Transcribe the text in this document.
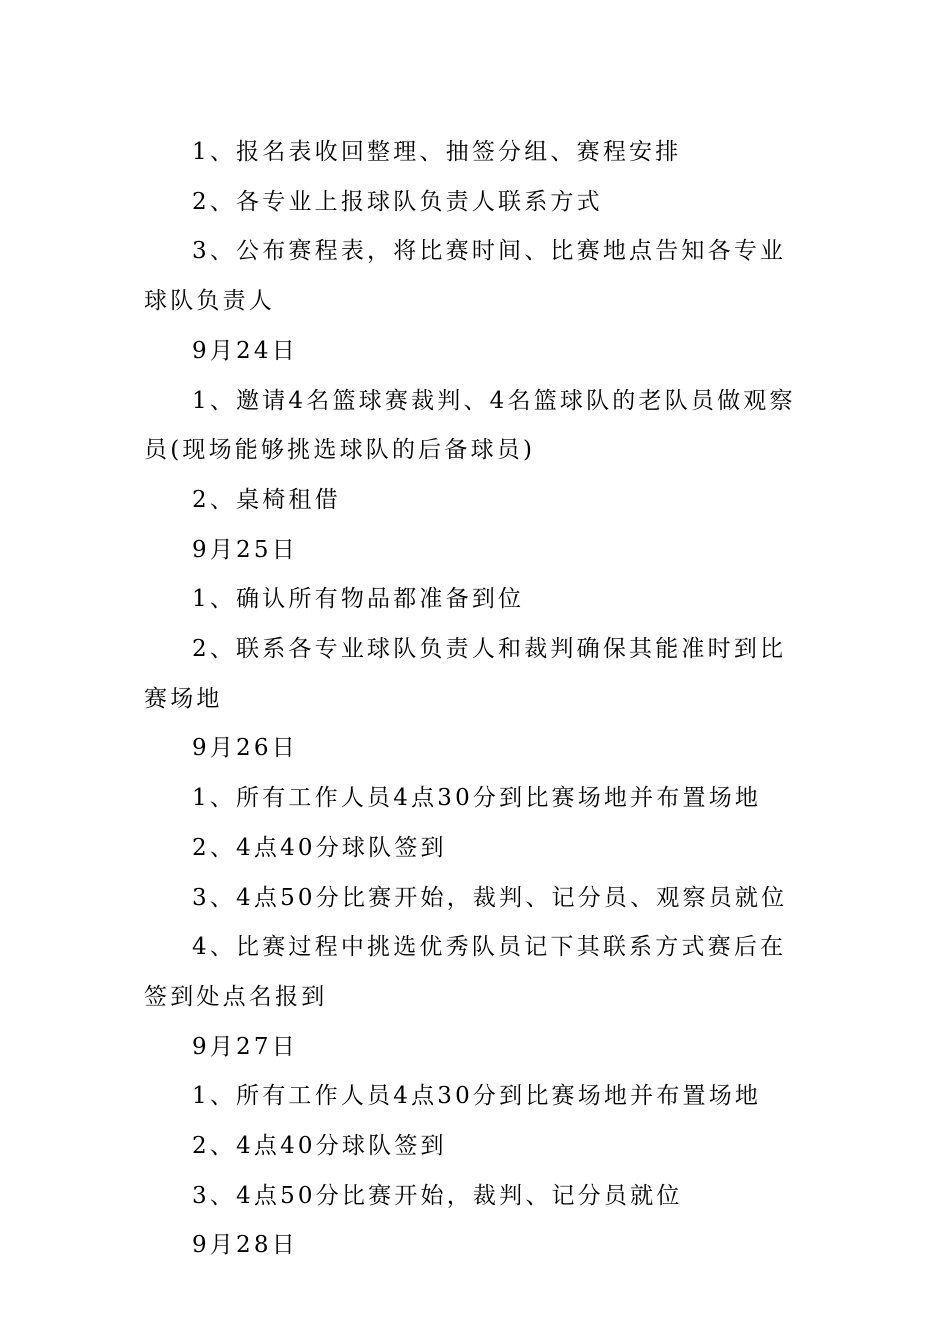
1、报名表收回整理、抽签分组、赛程安排

2、各专业上报球队负责人联系方式

3、公布赛程表，将比赛时间、比赛地点告知各专业球队负责人

9月24日

1、邀请4名篮球赛裁判、4名篮球队的老队员做观察员(现场能够挑选球队的后备球员)

2、桌椅租借

9月25日

1、确认所有物品都准备到位

2、联系各专业球队负责人和裁判确保其能准时到比赛场地

9月26日

1、所有工作人员4点30分到比赛场地并布置场地

2、4点40分球队签到

3、4点50分比赛开始，裁判、记分员、观察员就位

4、比赛过程中挑选优秀队员记下其联系方式赛后在签到处点名报到

9月27日

1、所有工作人员4点30分到比赛场地并布置场地

2、4点40分球队签到

3、4点50分比赛开始，裁判、记分员就位

9月28日
